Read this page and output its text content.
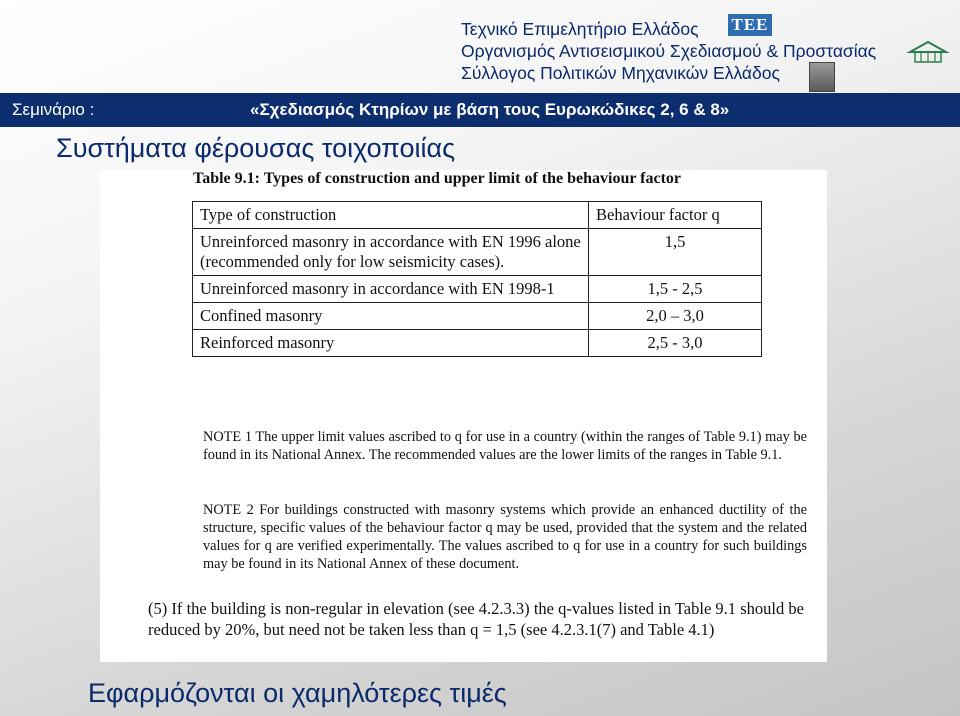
Τεχνικό Επιμελητήριο Ελλάδος
Οργανισμός Αντισεισμικού Σχεδιασμού & Προστασίας
Σύλλογος Πολιτικών Μηχανικών Ελλάδος
TEE
Σεμινάριο :	«Σχεδιασμός Κτηρίων με βάση τους Ευρωκώδικες 2, 6 & 8»
Συστήματα φέρουσας τοιχοποιίας
Table 9.1: Types of construction and upper limit of the behaviour factor
Type of construction	Behaviour factor q
Unreinforced masonry in accordance with EN 1996 alone (recommended only for low seismicity cases).	1,5
Unreinforced masonry in accordance with EN 1998-1	1,5 - 2,5
Confined masonry	2,0 – 3,0
Reinforced masonry	2,5 - 3,0
NOTE 1 The upper limit values ascribed to q for use in a country (within the ranges of Table 9.1) may be found in its National Annex. The recommended values are the lower limits of the ranges in Table 9.1.
NOTE 2 For buildings constructed with masonry systems which provide an enhanced ductility of the structure, specific values of the behaviour factor q may be used, provided that the system and the related values for q are verified experimentally. The values ascribed to q for use in a country for such buildings may be found in its National Annex of these document.
(5) If the building is non-regular in elevation (see 4.2.3.3) the q-values listed in Table 9.1 should be reduced by 20%, but need not be taken less than q = 1,5 (see 4.2.3.1(7) and Table 4.1)
Εφαρμόζονται οι χαμηλότερες τιμές
